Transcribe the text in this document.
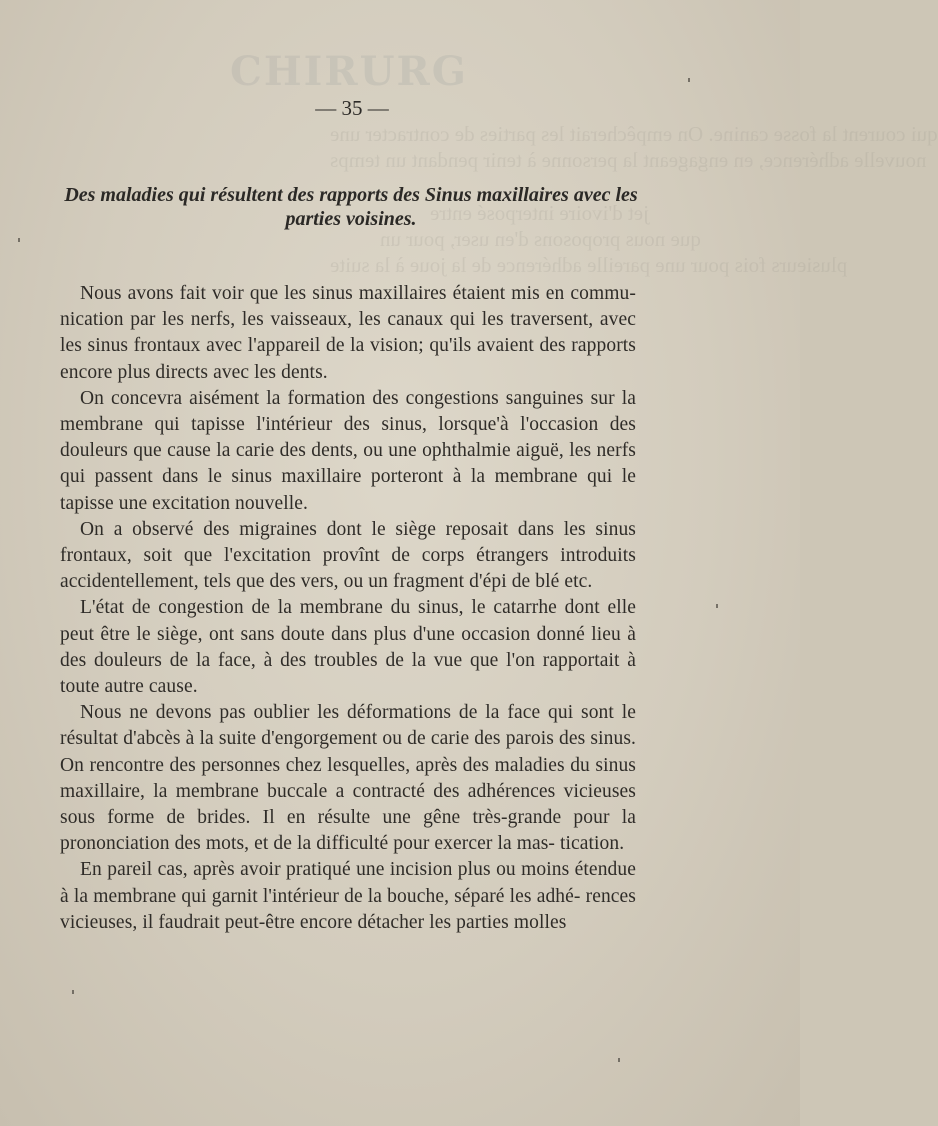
CHIRURG
qui courent la fosse canine. On empêcherait les parties de contracter une
nouvelle adhérence, en engageant la personne à tenir pendant un temps
jet d'ivoire interposé entre
que nous proposons d'en user, pour un
plusieurs fois pour une pareille adhérence de la joue à la suite
— 35 —
Des maladies qui résultent des rapports des Sinus maxillaires avec les parties voisines.

Nous avons fait voir que les sinus maxillaires étaient mis en commu- nication par les nerfs, les vaisseaux, les canaux qui les traversent, avec les sinus frontaux avec l'appareil de la vision; qu'ils avaient des rapports encore plus directs avec les dents.

On concevra aisément la formation des congestions sanguines sur la membrane qui tapisse l'intérieur des sinus, lorsque'à l'occasion des douleurs que cause la carie des dents, ou une ophthalmie aiguë, les nerfs qui passent dans le sinus maxillaire porteront à la membrane qui le tapisse une excitation nouvelle.

On a observé des migraines dont le siège reposait dans les sinus frontaux, soit que l'excitation provînt de corps étrangers introduits accidentellement, tels que des vers, ou un fragment d'épi de blé etc.

L'état de congestion de la membrane du sinus, le catarrhe dont elle peut être le siège, ont sans doute dans plus d'une occasion donné lieu à des douleurs de la face, à des troubles de la vue que l'on rapportait à toute autre cause.

Nous ne devons pas oublier les déformations de la face qui sont le résultat d'abcès à la suite d'engorgement ou de carie des parois des sinus. On rencontre des personnes chez lesquelles, après des maladies du sinus maxillaire, la membrane buccale a contracté des adhérences vicieuses sous forme de brides. Il en résulte une gêne très-grande pour la prononciation des mots, et de la difficulté pour exercer la mas- tication.

En pareil cas, après avoir pratiqué une incision plus ou moins étendue à la membrane qui garnit l'intérieur de la bouche, séparé les adhé- rences vicieuses, il faudrait peut-être encore détacher les parties molles
